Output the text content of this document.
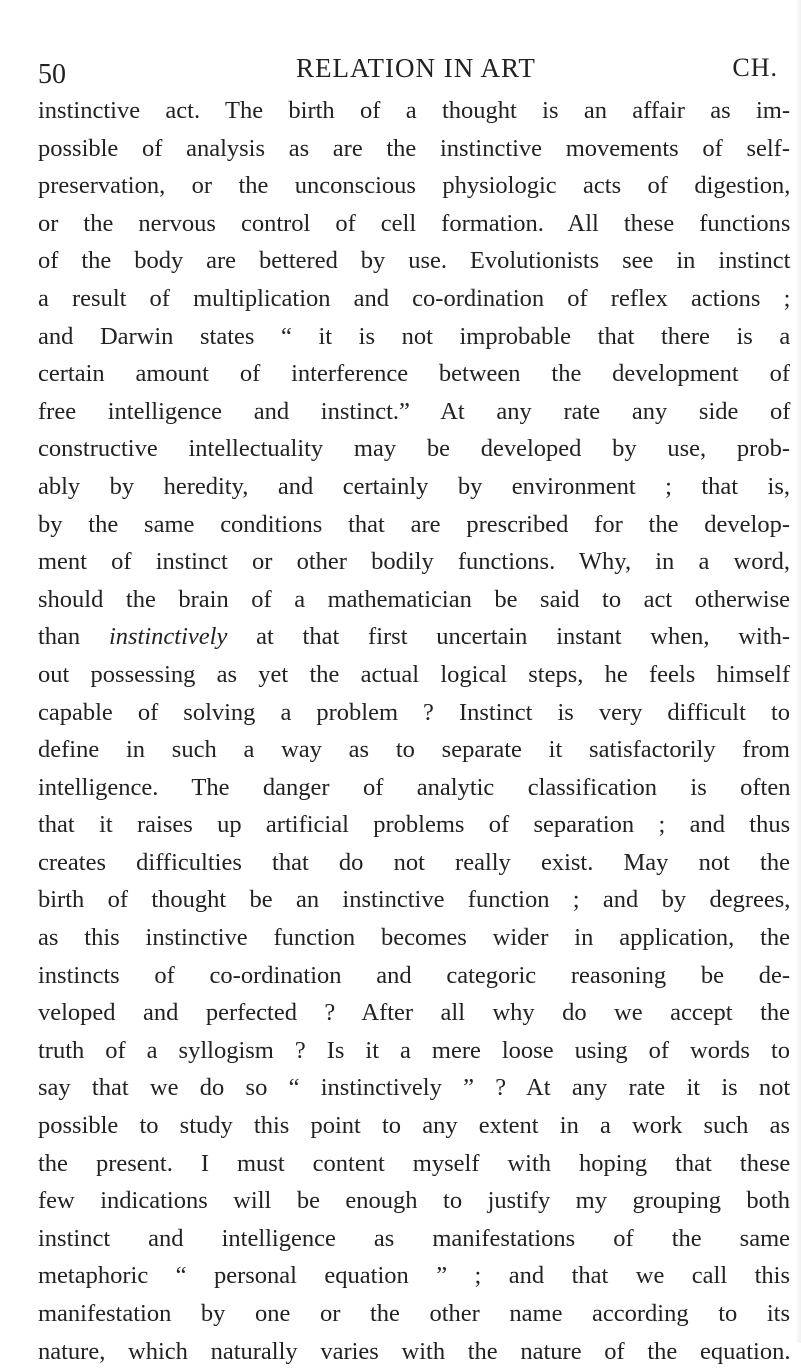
50	RELATION IN ART	CH.
instinctive act. The birth of a thought is an affair as im-
possible of analysis as are the instinctive movements of self-
preservation, or the unconscious physiologic acts of digestion,
or the nervous control of cell formation. All these functions
of the body are bettered by use. Evolutionists see in instinct
a result of multiplication and co-ordination of reflex actions ;
and Darwin states “ it is not improbable that there is a
certain amount of interference between the development of
free intelligence and instinct.” At any rate any side of
constructive intellectuality may be developed by use, prob-
ably by heredity, and certainly by environment ; that is,
by the same conditions that are prescribed for the develop-
ment of instinct or other bodily functions. Why, in a word,
should the brain of a mathematician be said to act otherwise
than instinctively at that first uncertain instant when, with-
out possessing as yet the actual logical steps, he feels himself
capable of solving a problem ? Instinct is very difficult to
define in such a way as to separate it satisfactorily from
intelligence. The danger of analytic classification is often
that it raises up artificial problems of separation ; and thus
creates difficulties that do not really exist. May not the
birth of thought be an instinctive function ; and by degrees,
as this instinctive function becomes wider in application, the
instincts of co-ordination and categoric reasoning be de-
veloped and perfected ? After all why do we accept the
truth of a syllogism ? Is it a mere loose using of words to
say that we do so “ instinctively ” ? At any rate it is not
possible to study this point to any extent in a work such as
the present. I must content myself with hoping that these
few indications will be enough to justify my grouping both
instinct and intelligence as manifestations of the same
metaphoric “ personal equation ” ; and that we call this
manifestation by one or the other name according to its
nature, which naturally varies with the nature of the equation.
